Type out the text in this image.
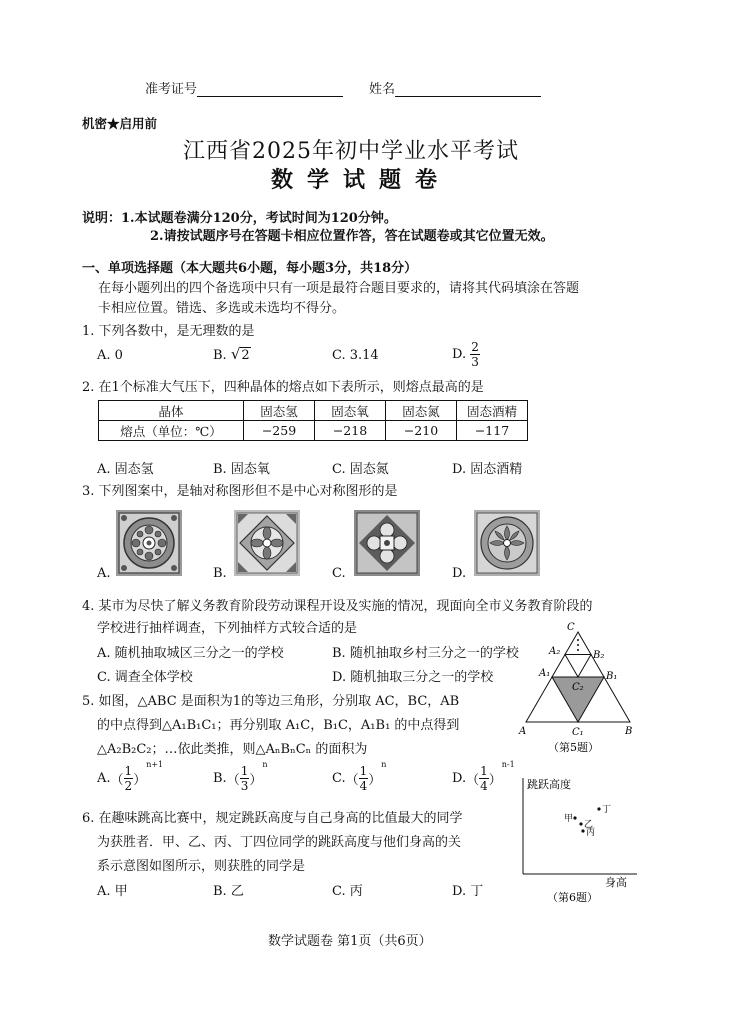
准考证号	姓名
机密★启用前
江西省2025年初中学业水平考试
数学试题卷
说明：1.本试题卷满分120分，考试时间为120分钟。
2.请按试题序号在答题卡相应位置作答，答在试题卷或其它位置无效。
一、单项选择题（本大题共6小题，每小题3分，共18分）
在每小题列出的四个备选项中只有一项是最符合题目要求的，请将其代码填涂在答题
卡相应位置。错选、多选或未选均不得分。
1. 下列各数中，是无理数的是
A. 0	B. √2	C. 3.14	D. $\frac{2}{3}$
2. 在1个标准大气压下，四种晶体的熔点如下表所示，则熔点最高的是
晶体	固态氢	固态氧	固态氮	固态酒精
熔点（单位：℃）	−259	−218	−210	−117
A. 固态氢	B. 固态氧	C. 固态氮	D. 固态酒精
3. 下列图案中，是轴对称图形但不是中心对称图形的是
A.	B.	C.	D.
4. 某市为尽快了解义务教育阶段劳动课程开设及实施的情况，现面向全市义务教育阶段的
学校进行抽样调查，下列抽样方式较合适的是
A. 随机抽取城区三分之一的学校	B. 随机抽取乡村三分之一的学校
C. 调查全体学校	D. 随机抽取三分之一的学校
C
A₂	B₂
A₁	B₁
C₂
A	C₁	B
（第5题）
5. 如图，△ABC 是面积为1的等边三角形，分别取 AC，BC，AB
的中点得到△A₁B₁C₁；再分别取 A₁C，B₁C，A₁B₁ 的中点得到
△A₂B₂C₂；…依此类推，则△AₙBₙCₙ 的面积为
$A.( \frac{1}{2} )^{n+1}$
$B.( \frac{1}{3} )^n$
$C.( \frac{1}{4} )^n$
$D.( \frac{1}{4} )^{n-1}$
跳跃高度
身高
甲
丁
乙
丙
（第6题）
6. 在趣味跳高比赛中，规定跳跃高度与自己身高的比值最大的同学
为获胜者．甲、乙、丙、丁四位同学的跳跃高度与他们身高的关
系示意图如图所示，则获胜的同学是
A. 甲	B. 乙	C. 丙	D. 丁
数学试题卷 第1页（共6页）
